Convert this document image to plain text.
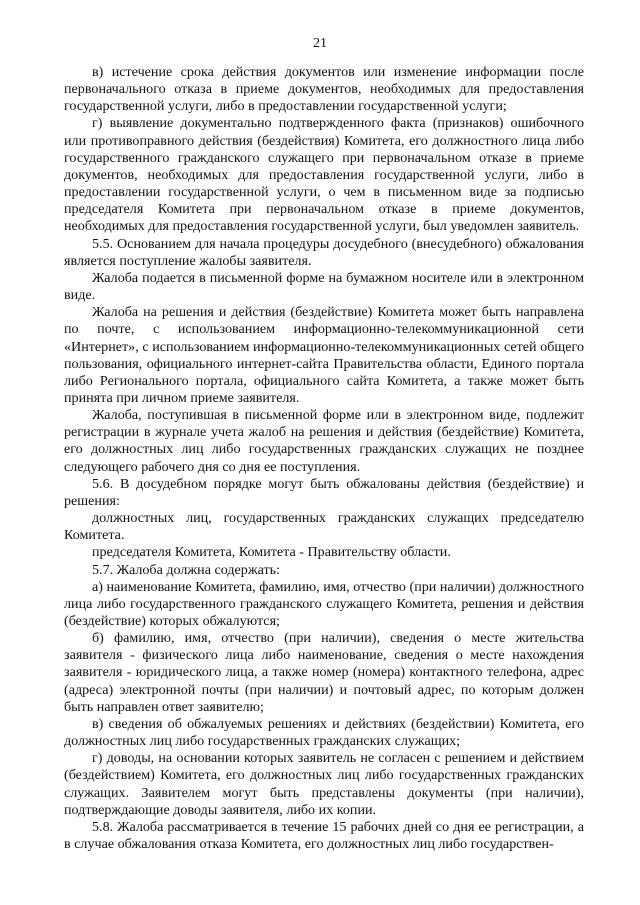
21

в) истечение срока действия документов или изменение информации после первоначального отказа в приеме документов, необходимых для предоставления государственной услуги, либо в предоставлении государственной услуги;

г) выявление документально подтвержденного факта (признаков) ошибочного или противоправного действия (бездействия) Комитета, его должностного лица либо государственного гражданского служащего при первоначальном отказе в приеме документов, необходимых для предоставления государственной услуги, либо в предоставлении государственной услуги, о чем в письменном виде за подписью председателя Комитета при первоначальном отказе в приеме документов, необходимых для предоставления государственной услуги, был уведомлен заявитель.

5.5. Основанием для начала процедуры досудебного (внесудебного) обжалования является поступление жалобы заявителя.

Жалоба подается в письменной форме на бумажном носителе или в электронном виде.

Жалоба на решения и действия (бездействие) Комитета может быть направлена по почте, с использованием информационно-телекоммуникационной сети «Интернет», с использованием информационно-телекоммуникационных сетей общего пользования, официального интернет-сайта Правительства области, Единого портала либо Регионального портала, официального сайта Комитета, а также может быть принята при личном приеме заявителя.

Жалоба, поступившая в письменной форме или в электронном виде, подлежит регистрации в журнале учета жалоб на решения и действия (бездействие) Комитета, его должностных лиц либо государственных гражданских служащих не позднее следующего рабочего дня со дня ее поступления.

5.6. В досудебном порядке могут быть обжалованы действия (бездействие) и решения:

должностных лиц, государственных гражданских служащих председателю Комитета.

председателя Комитета, Комитета - Правительству области.

5.7. Жалоба должна содержать:

а) наименование Комитета, фамилию, имя, отчество (при наличии) должностного лица либо государственного гражданского служащего Комитета, решения и действия (бездействие) которых обжалуются;

б) фамилию, имя, отчество (при наличии), сведения о месте жительства заявителя - физического лица либо наименование, сведения о месте нахождения заявителя - юридического лица, а также номер (номера) контактного телефона, адрес (адреса) электронной почты (при наличии) и почтовый адрес, по которым должен быть направлен ответ заявителю;

в) сведения об обжалуемых решениях и действиях (бездействии) Комитета, его должностных лиц либо государственных гражданских служащих;

г) доводы, на основании которых заявитель не согласен с решением и действием (бездействием) Комитета, его должностных лиц либо государственных гражданских служащих. Заявителем могут быть представлены документы (при наличии), подтверждающие доводы заявителя, либо их копии.

5.8. Жалоба рассматривается в течение 15 рабочих дней со дня ее регистрации, а в случае обжалования отказа Комитета, его должностных лиц либо государствен-
